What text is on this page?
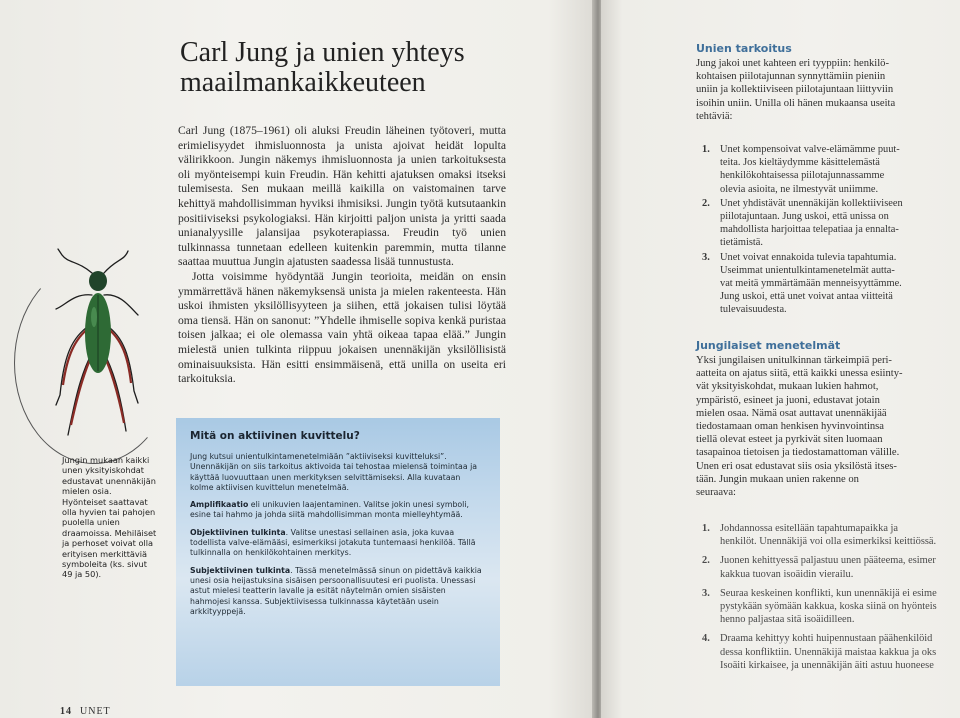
Carl Jung ja unien yhteys
maailmankaikkeuteen

Carl Jung (1875–1961) oli aluksi Freudin läheinen työtoveri, mutta erimielisyydet ihmisluonnosta ja unista ajoivat heidät lopulta välirikkoon. Jungin näkemys ihmisluonnosta ja unien tarkoituksesta oli myönteisempi kuin Freudin. Hän kehitti ajatuksen omaksi itseksi tulemisesta. Sen mukaan meillä kaikilla on vaistomainen tarve kehittyä mahdollisimman hyviksi ihmisiksi. Jungin työtä kutsutaankin positiiviseksi psykologiaksi. Hän kirjoitti paljon unista ja yritti saada unianalyysille jalansijaa psykoterapiassa. Freudin työ unien tulkinnassa tunnetaan edelleen kuitenkin paremmin, mutta tilanne saattaa muuttua Jungin ajatusten saadessa lisää tunnustusta.

Jotta voisimme hyödyntää Jungin teorioita, meidän on ensin ymmärrettävä hänen näkemyksensä unista ja mielen rakenteesta. Hän uskoi ihmisten yksilöllisyyteen ja siihen, että jokaisen tulisi löytää oma tiensä. Hän on sanonut: ”Yhdelle ihmiselle sopiva kenkä puristaa toisen jalkaa; ei ole olemassa vain yhtä oikeaa tapaa elää.” Jungin mielestä unien tulkinta riippuu jokaisen unennäkijän yksilöllisistä ominaisuuksista. Hän esitti ensimmäisenä, että unilla on useita eri tarkoituksia.

Jungin mukaan kaikki unen yksityiskohdat edustavat unennäkijän mielen osia. Hyönteiset saattavat olla hyvien tai pahojen puolella unien draamoissa. Mehiläiset ja perhoset voivat olla erityisen merkittäviä symboleita (ks. sivut 49 ja 50).
Mitä on aktiivinen kuvittelu?

Jung kutsui unientulkintamenetelmiään ”aktiiviseksi kuvitteluksi”. Unennäkijän on siis tarkoitus aktivoida tai tehostaa mielensä toimintaa ja käyttää luovuuttaan unen merkityksen selvittämiseksi. Alla kuvataan kolme aktiivisen kuvittelun menetelmää.

Amplifikaatio eli unikuvien laajentaminen. Valitse jokin unesi symboli, esine tai hahmo ja johda siitä mahdollisimman monta mielleyhtymää.

Objektiivinen tulkinta. Valitse unestasi sellainen asia, joka kuvaa todellista valve-elämääsi, esimerkiksi jotakuta tuntemaasi henkilöä. Tällä tulkinnalla on henkilökohtainen merkitys.

Subjektiivinen tulkinta. Tässä menetelmässä sinun on pidettävä kaikkia unesi osia heijastuksina sisäisen persoonallisuutesi eri puolista. Unessasi astut mielesi teatterin lavalle ja esität näytelmän omien sisäisten hahmojesi kanssa. Subjektiivisessa tulkinnassa käytetään usein arkkityyppejä.

14 UNET
Unien tarkoitus

Jung jakoi unet kahteen eri tyyppiin: henkilö-

kohtaisen piilotajunnan synnyttämiin pieniin

uniin ja kollektiiviseen piilotajuntaan liittyviin

isoihin uniin. Unilla oli hänen mukaansa useita

tehtäviä:

1. Unet kompensoivat valve-elämämme puut-
teita. Jos kieltäydymme käsittelemästä
henkilökohtaisessa piilotajunnassamme
olevia asioita, ne ilmestyvät uniimme.
2. Unet yhdistävät unennäkijän kollektiiviseen
piilotajuntaan. Jung uskoi, että unissa on
mahdollista harjoittaa telepatiaa ja ennalta-
tietämistä.
3. Unet voivat ennakoida tulevia tapahtumia.
Useimmat unientulkintamenetelmät autta-
vat meitä ymmärtämään menneisyyttämme.
Jung uskoi, että unet voivat antaa viitteitä
tulevaisuudesta.
Jungilaiset menetelmät

Yksi jungilaisen unitulkinnan tärkeimpiä peri-

aatteita on ajatus siitä, että kaikki unessa esiinty-

vät yksityiskohdat, mukaan lukien hahmot,

ympäristö, esineet ja juoni, edustavat jotain

mielen osaa. Nämä osat auttavat unennäkijää

tiedostamaan oman henkisen hyvinvointinsa

tiellä olevat esteet ja pyrkivät siten luomaan

tasapainoa tietoisen ja tiedostamattoman välille.

Unen eri osat edustavat siis osia yksilöstä itses-

tään. Jungin mukaan unien rakenne on

seuraava:

1. Johdannossa esitellään tapahtumapaikka ja
henkilöt. Unennäkijä voi olla esimerkiksi keittiössä.
2. Juonen kehittyessä paljastuu unen pääteema, esimer
kakkua tuovan isoäidin vierailu.
3. Seuraa keskeinen konflikti, kun unennäkijä ei esime
pystykään syömään kakkua, koska siinä on hyönteis
henno paljastaa sitä isoäidilleen.
4. Draama kehittyy kohti huipennustaan päähenkilöid
dessa konfliktiin. Unennäkijä maistaa kakkua ja oks
Isoäiti kirkaisee, ja unennäkijän äiti astuu huoneese
